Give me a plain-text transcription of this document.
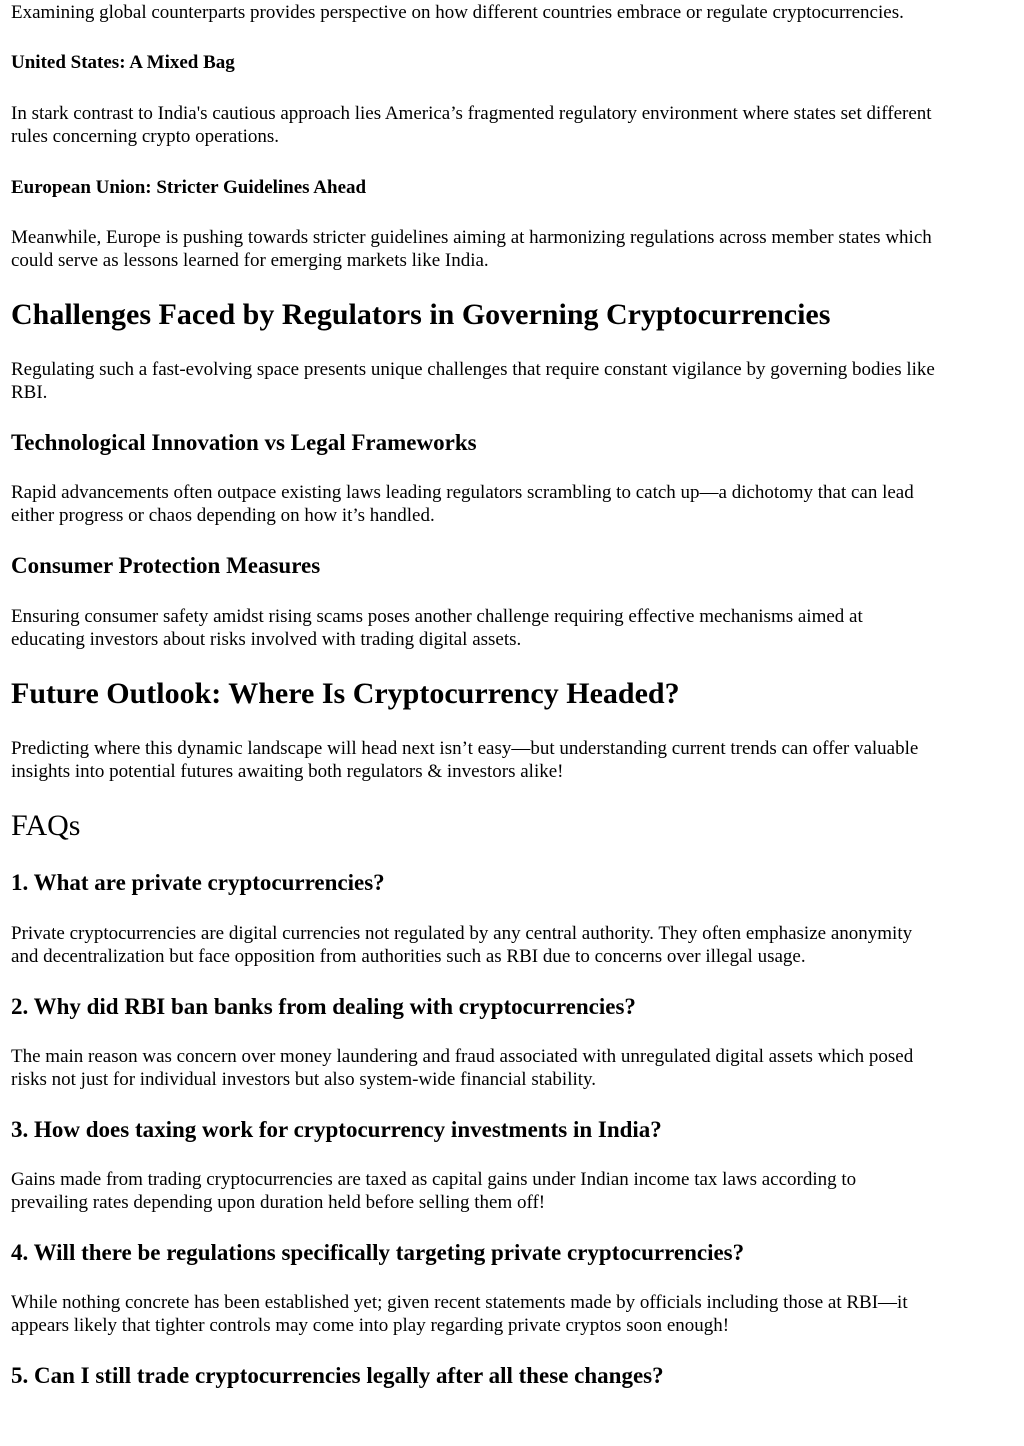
Examining global counterparts provides perspective on how different countries embrace or regulate cryptocurrencies.

United States: A Mixed Bag

In stark contrast to India's cautious approach lies America’s fragmented regulatory environment where states set different

rules concerning crypto operations.

European Union: Stricter Guidelines Ahead

Meanwhile, Europe is pushing towards stricter guidelines aiming at harmonizing regulations across member states which

could serve as lessons learned for emerging markets like India.

Challenges Faced by Regulators in Governing Cryptocurrencies

Regulating such a fast-evolving space presents unique challenges that require constant vigilance by governing bodies like

RBI.

Technological Innovation vs Legal Frameworks

Rapid advancements often outpace existing laws leading regulators scrambling to catch up—a dichotomy that can lead

either progress or chaos depending on how it’s handled.

Consumer Protection Measures

Ensuring consumer safety amidst rising scams poses another challenge requiring effective mechanisms aimed at

educating investors about risks involved with trading digital assets.

Future Outlook: Where Is Cryptocurrency Headed?

Predicting where this dynamic landscape will head next isn’t easy—but understanding current trends can offer valuable

insights into potential futures awaiting both regulators & investors alike!

FAQs
1. What are private cryptocurrencies?

Private cryptocurrencies are digital currencies not regulated by any central authority. They often emphasize anonymity

and decentralization but face opposition from authorities such as RBI due to concerns over illegal usage.

2. Why did RBI ban banks from dealing with cryptocurrencies?

The main reason was concern over money laundering and fraud associated with unregulated digital assets which posed

risks not just for individual investors but also system-wide financial stability.

3. How does taxing work for cryptocurrency investments in India?

Gains made from trading cryptocurrencies are taxed as capital gains under Indian income tax laws according to

prevailing rates depending upon duration held before selling them off!

4. Will there be regulations specifically targeting private cryptocurrencies?

While nothing concrete has been established yet; given recent statements made by officials including those at RBI—it

appears likely that tighter controls may come into play regarding private cryptos soon enough!

5. Can I still trade cryptocurrencies legally after all these changes?
